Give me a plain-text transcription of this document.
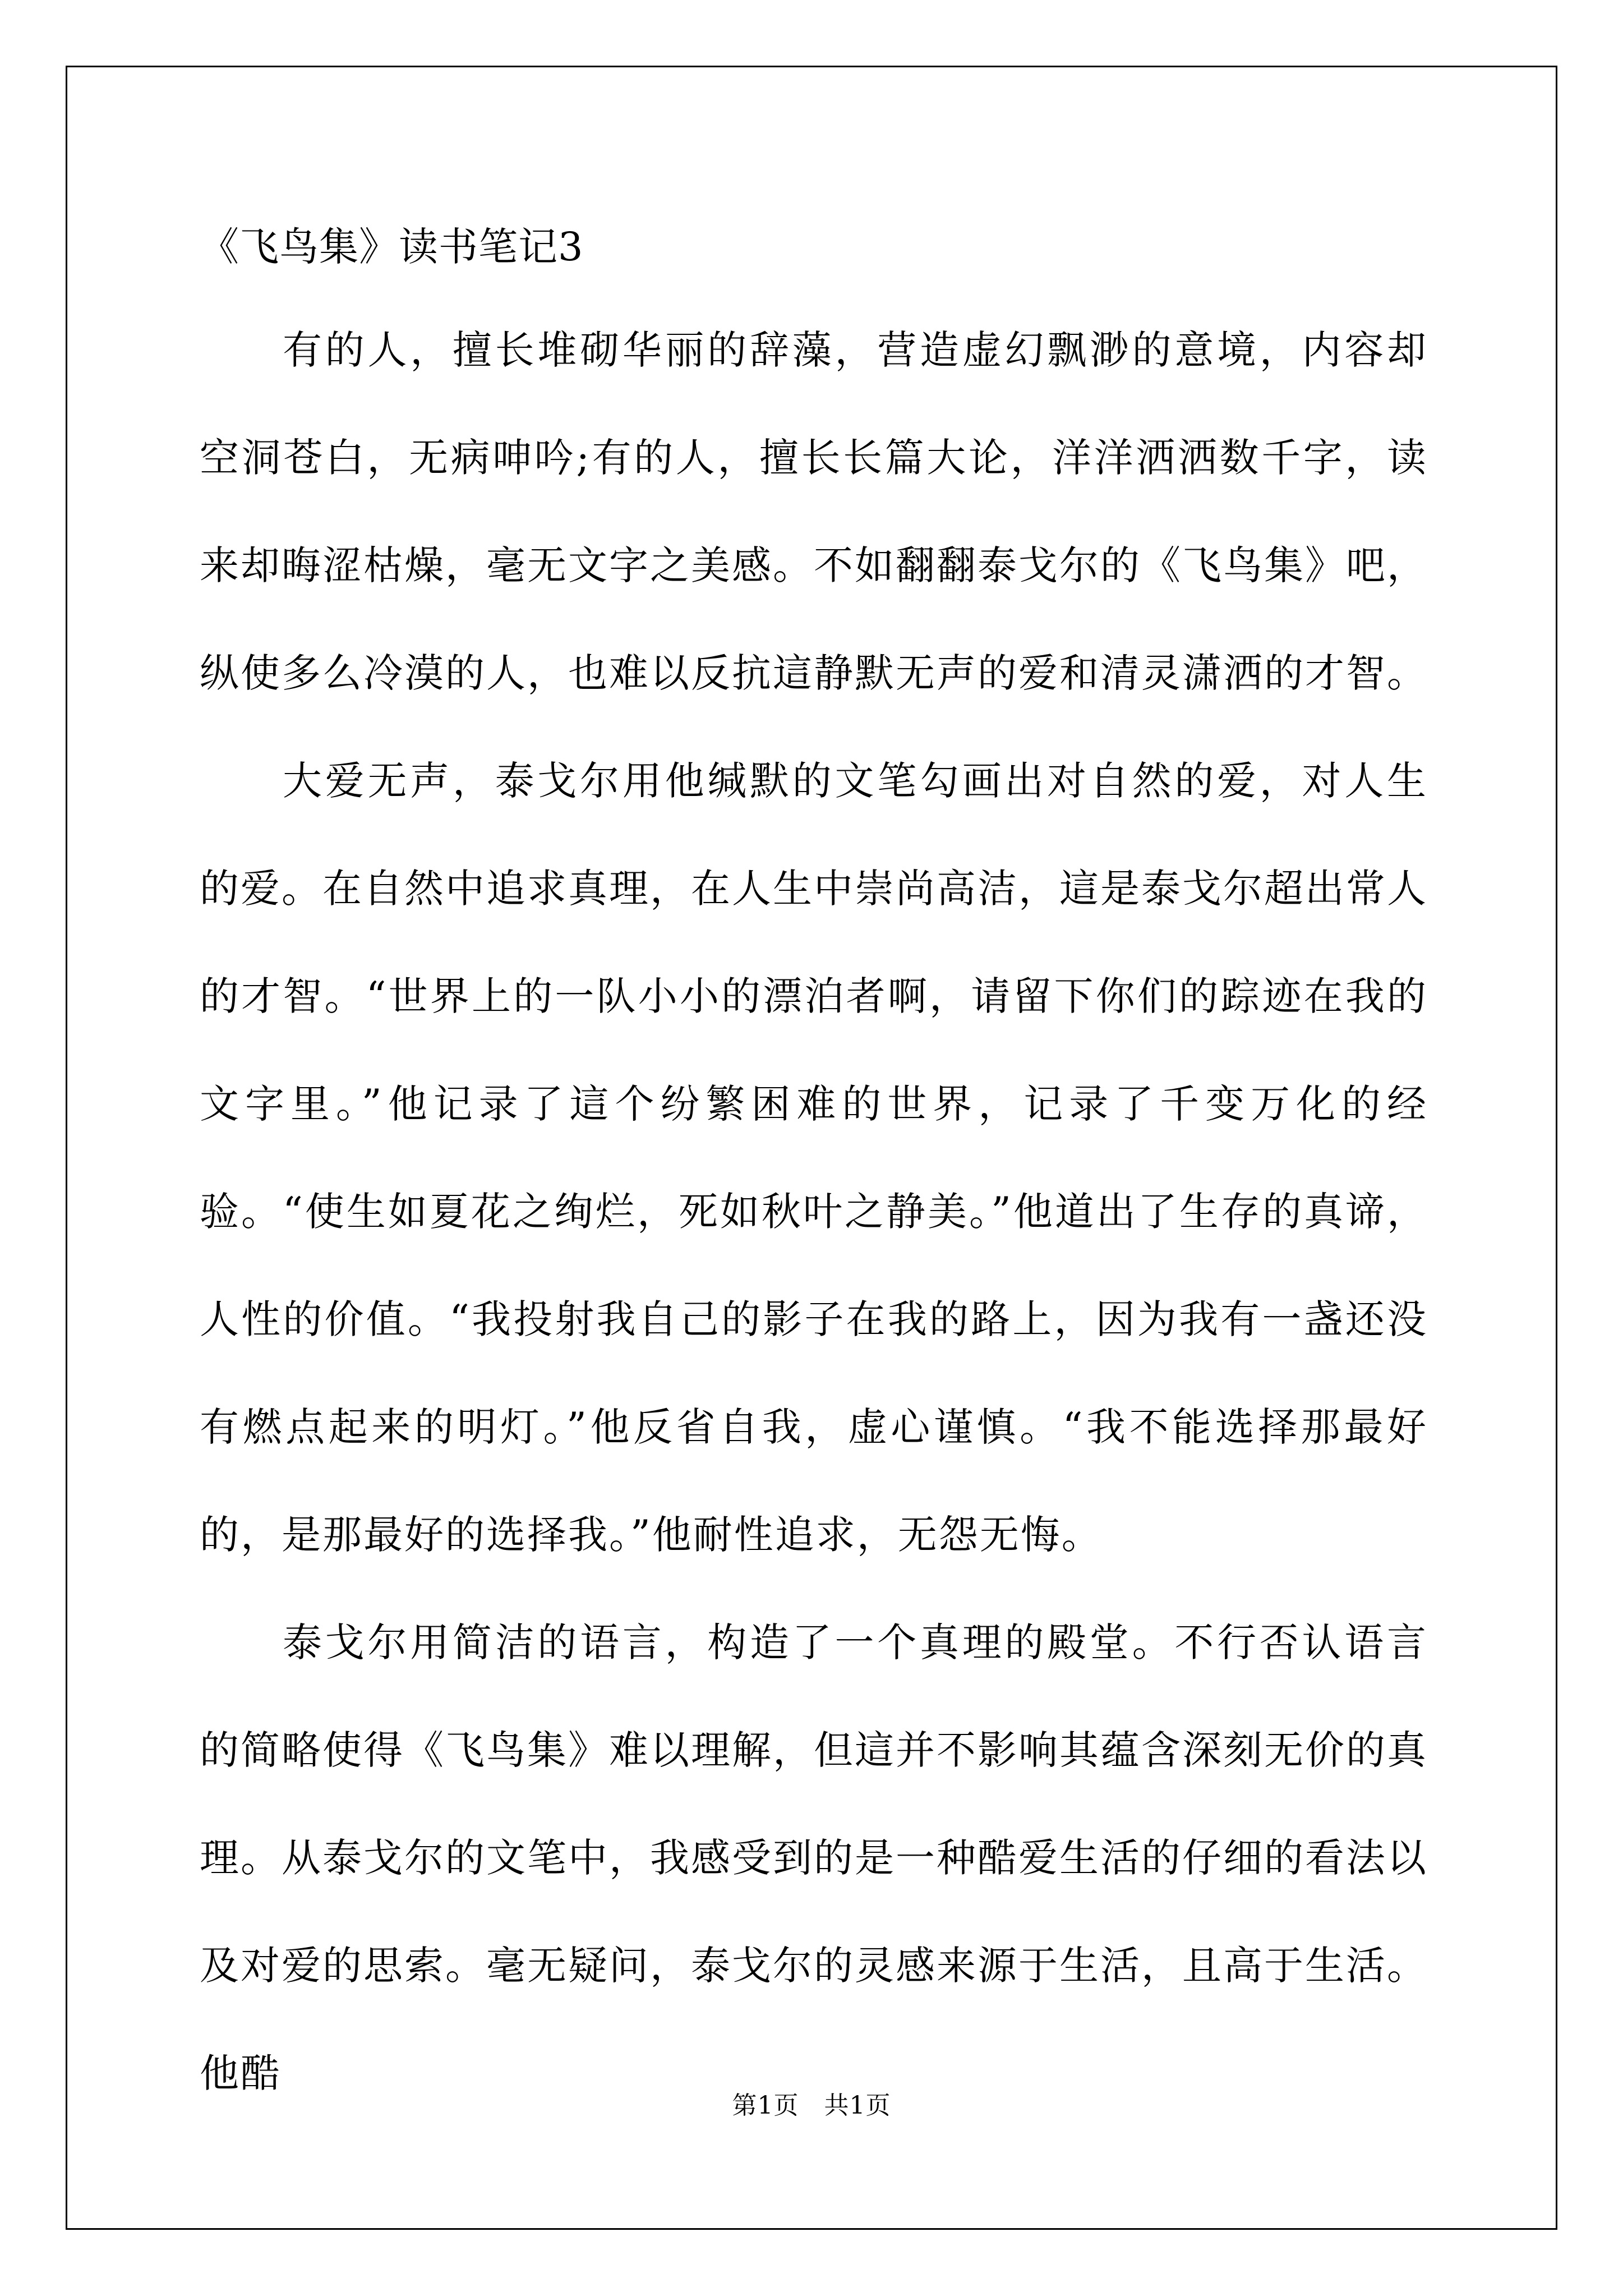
《飞鸟集》读书笔记3

有的人，擅长堆砌华丽的辞藻，营造虚幻飘渺的意境，内容却空洞苍白，无病呻吟;有的人，擅长长篇大论，洋洋洒洒数千字，读来却晦涩枯燥，毫无文字之美感。不如翻翻泰戈尔的《飞鸟集》吧，纵使多么冷漠的人，也难以反抗這静默无声的爱和清灵潇洒的才智。

大爱无声，泰戈尔用他缄默的文笔勾画出对自然的爱，对人生的爱。在自然中追求真理，在人生中崇尚高洁，這是泰戈尔超出常人的才智。“世界上的一队小小的漂泊者啊，请留下你们的踪迹在我的文字里。”他记录了這个纷繁困难的世界，记录了千变万化的经验。“使生如夏花之绚烂，死如秋叶之静美。”他道出了生存的真谛，人性的价值。“我投射我自己的影子在我的路上，因为我有一盏还没有燃点起来的明灯。”他反省自我，虚心谨慎。“我不能选择那最好的，是那最好的选择我。”他耐性追求，无怨无悔。

泰戈尔用简洁的语言，构造了一个真理的殿堂。不行否认语言的简略使得《飞鸟集》难以理解，但這并不影响其蕴含深刻无价的真理。从泰戈尔的文笔中，我感受到的是一种酷爱生活的仔细的看法以及对爱的思索。毫无疑问，泰戈尔的灵感来源于生活，且高于生活。他酷

第1页　共1页
